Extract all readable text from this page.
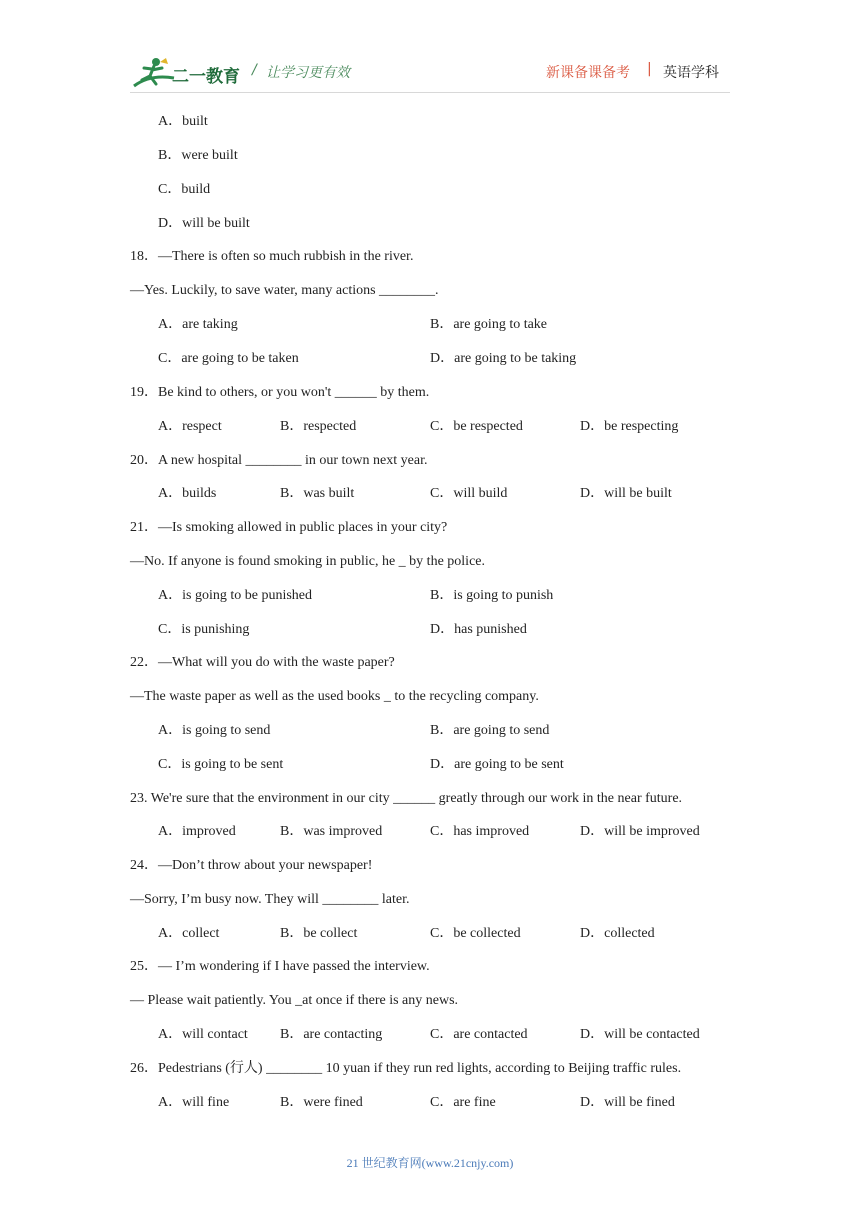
二一教育 / 让学习更有效	新课备课备考 | 英语学科
A．built
B．were built
C．build
D．will be built
18．—There is often so much rubbish in the river.
—Yes. Luckily, to save water, many actions ________.
A．are taking	B．are going to take
C．are going to be taken	D．are going to be taking
19．Be kind to others, or you won't ______ by them.
A．respect	B．respected	C．be respected	D．be respecting
20．A new hospital ________ in our town next year.
A．builds	B．was built	C．will build	D．will be built
21．—Is smoking allowed in public places in your city?
—No. If anyone is found smoking in public, he _ by the police.
A．is going to be punished	B．is going to punish
C．is punishing	D．has punished
22．—What will you do with the waste paper?
—The waste paper as well as the used books _ to the recycling company.
A．is going to send	B．are going to send
C．is going to be sent	D．are going to be sent
23. We're sure that the environment in our city ______ greatly through our work in the near future.
A．improved	B．was improved	C．has improved	D．will be improved
24．—Don’t throw about your newspaper!
—Sorry, I’m busy now. They will ________ later.
A．collect	B．be collect	C．be collected	D．collected
25．— I’m wondering if I have passed the interview.
— Please wait patiently. You _at once if there is any news.
A．will contact B．are contacting	C．are contacted	D．will be contacted
26．Pedestrians (行人) ________ 10 yuan if they run red lights, according to Beijing traffic rules.
A．will fine	B．were fined	C．are fine	D．will be fined
21 世纪教育网(www.21cnjy.com)
